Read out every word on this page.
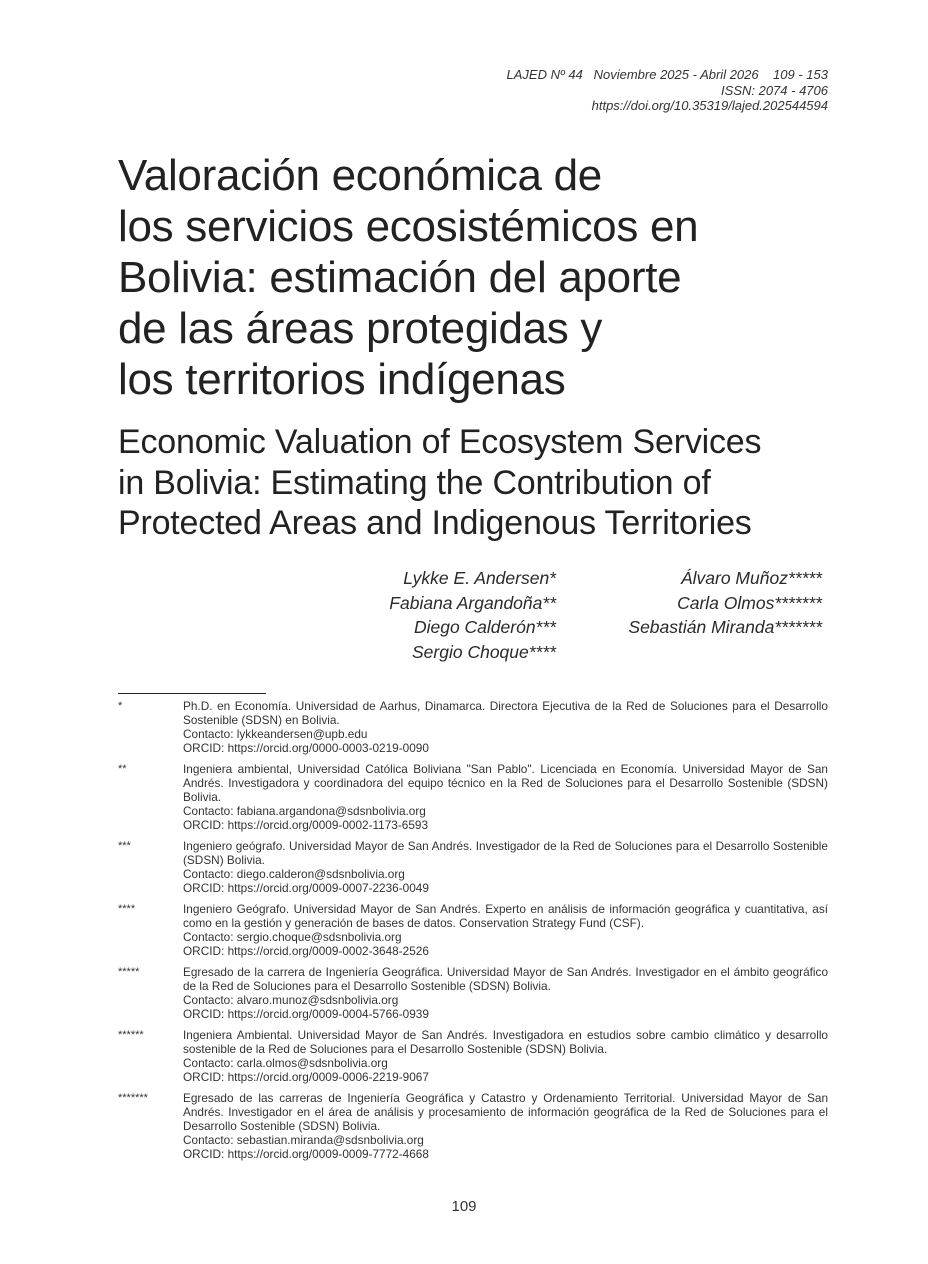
LAJED Nº 44   Noviembre 2025 - Abril 2026    109 - 153
ISSN: 2074 - 4706
https://doi.org/10.35319/lajed.202544594
Valoración económica de
los servicios ecosistémicos en
Bolivia: estimación del aporte
de las áreas protegidas y
los territorios indígenas
Economic Valuation of Ecosystem Services
in Bolivia: Estimating the Contribution of
Protected Areas and Indigenous Territories
Lykke E. Andersen*
Fabiana Argandoña**
Diego Calderón***
Sergio Choque****
Álvaro Muñoz*****
Carla Olmos*******
Sebastián Miranda*******
*	Ph.D. en Economía. Universidad de Aarhus, Dinamarca. Directora Ejecutiva de la Red de Soluciones para el Desarrollo Sostenible (SDSN) en Bolivia.
Contacto: lykkeandersen@upb.edu
ORCID: https://orcid.org/0000-0003-0219-0090
**	Ingeniera ambiental, Universidad Católica Boliviana "San Pablo". Licenciada en Economía. Universidad Mayor de San Andrés. Investigadora y coordinadora del equipo técnico en la Red de Soluciones para el Desarrollo Sostenible (SDSN) Bolivia.
Contacto: fabiana.argandona@sdsnbolivia.org
ORCID: https://orcid.org/0009-0002-1173-6593
***	Ingeniero geógrafo. Universidad Mayor de San Andrés. Investigador de la Red de Soluciones para el Desarrollo Sostenible (SDSN) Bolivia.
Contacto: diego.calderon@sdsnbolivia.org
ORCID: https://orcid.org/0009-0007-2236-0049
****	Ingeniero Geógrafo. Universidad Mayor de San Andrés. Experto en análisis de información geográfica y cuantitativa, así como en la gestión y generación de bases de datos. Conservation Strategy Fund (CSF).
Contacto: sergio.choque@sdsnbolivia.org
ORCID: https://orcid.org/0009-0002-3648-2526
*****	Egresado de la carrera de Ingeniería Geográfica. Universidad Mayor de San Andrés. Investigador en el ámbito geográfico de la Red de Soluciones para el Desarrollo Sostenible (SDSN) Bolivia.
Contacto: alvaro.munoz@sdsnbolivia.org
ORCID: https://orcid.org/0009-0004-5766-0939
******	Ingeniera Ambiental. Universidad Mayor de San Andrés. Investigadora en estudios sobre cambio climático y desarrollo sostenible de la Red de Soluciones para el Desarrollo Sostenible (SDSN) Bolivia.
Contacto: carla.olmos@sdsnbolivia.org
ORCID: https://orcid.org/0009-0006-2219-9067
*******	Egresado de las carreras de Ingeniería Geográfica y Catastro y Ordenamiento Territorial. Universidad Mayor de San Andrés. Investigador en el área de análisis y procesamiento de información geográfica de la Red de Soluciones para el Desarrollo Sostenible (SDSN) Bolivia.
Contacto: sebastian.miranda@sdsnbolivia.org
ORCID: https://orcid.org/0009-0009-7772-4668
109
